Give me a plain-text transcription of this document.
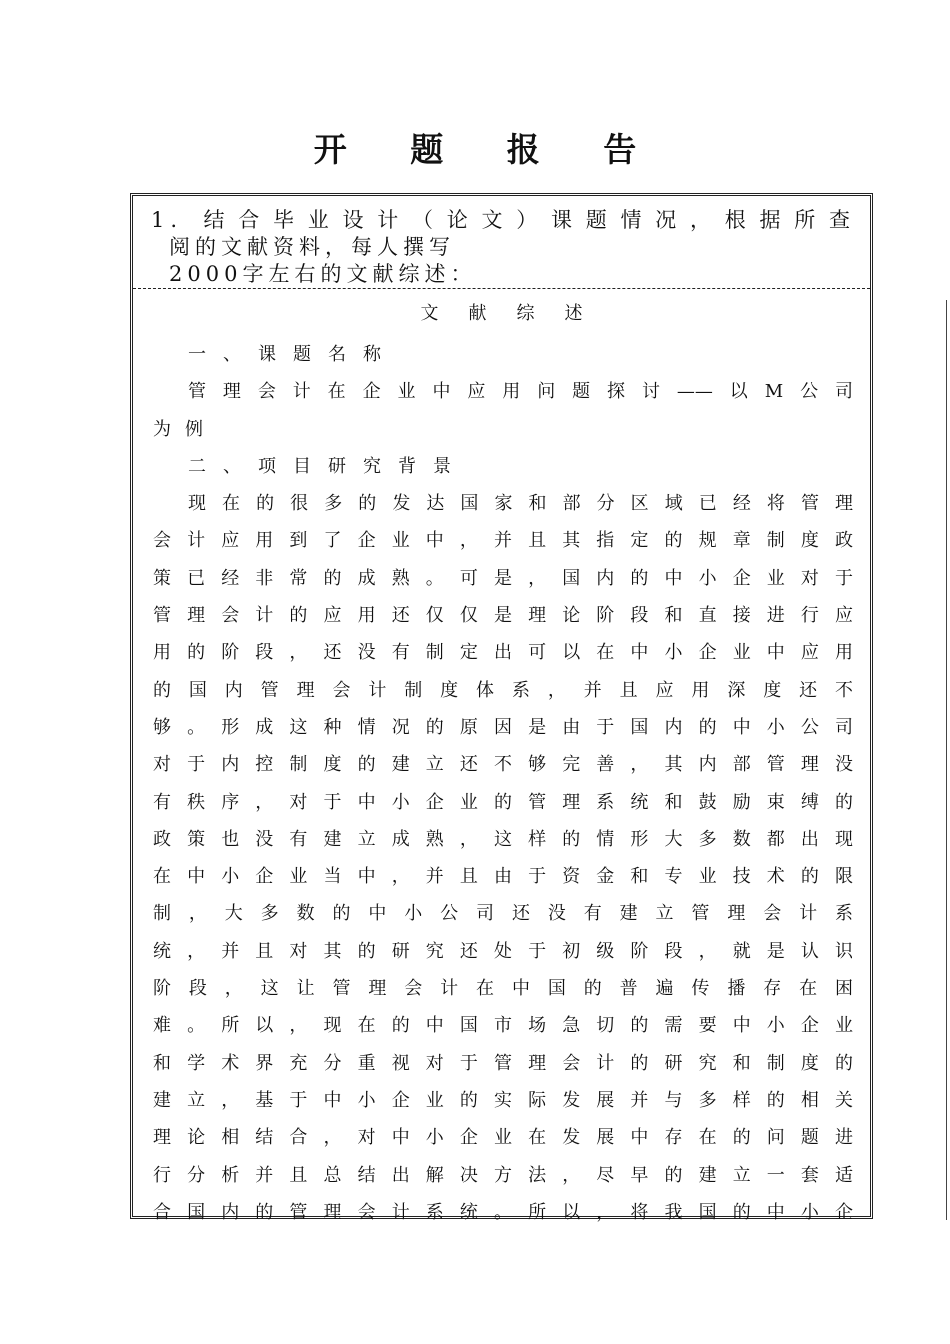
开 题 报 告
1. 结合毕业设计（论文）课题情况，根据所查
阅的文献资料，每人撰写
2000字左右的文献综述：
文献综述
一、课题名称
管理会计在企业中应用问题探讨——以M公司
为例
二、项目研究背景
现在的很多的发达国家和部分区域已经将管理
会计应用到了企业中，并且其指定的规章制度政
策已经非常的成熟。可是，国内的中小企业对于
管理会计的应用还仅仅是理论阶段和直接进行应
用的阶段，还没有制定出可以在中小企业中应用
的国内管理会计制度体系，并且应用深度还不
够。形成这种情况的原因是由于国内的中小公司
对于内控制度的建立还不够完善，其内部管理没
有秩序，对于中小企业的管理系统和鼓励束缚的
政策也没有建立成熟，这样的情形大多数都出现
在中小企业当中，并且由于资金和专业技术的限
制，大多数的中小公司还没有建立管理会计系
统，并且对其的研究还处于初级阶段，就是认识
阶段，这让管理会计在中国的普遍传播存在困
难。所以，现在的中国市场急切的需要中小企业
和学术界充分重视对于管理会计的研究和制度的
建立，基于中小企业的实际发展并与多样的相关
理论相结合，对中小企业在发展中存在的问题进
行分析并且总结出解决方法，尽早的建立一套适
合国内的管理会计系统。所以，将我国的中小企
